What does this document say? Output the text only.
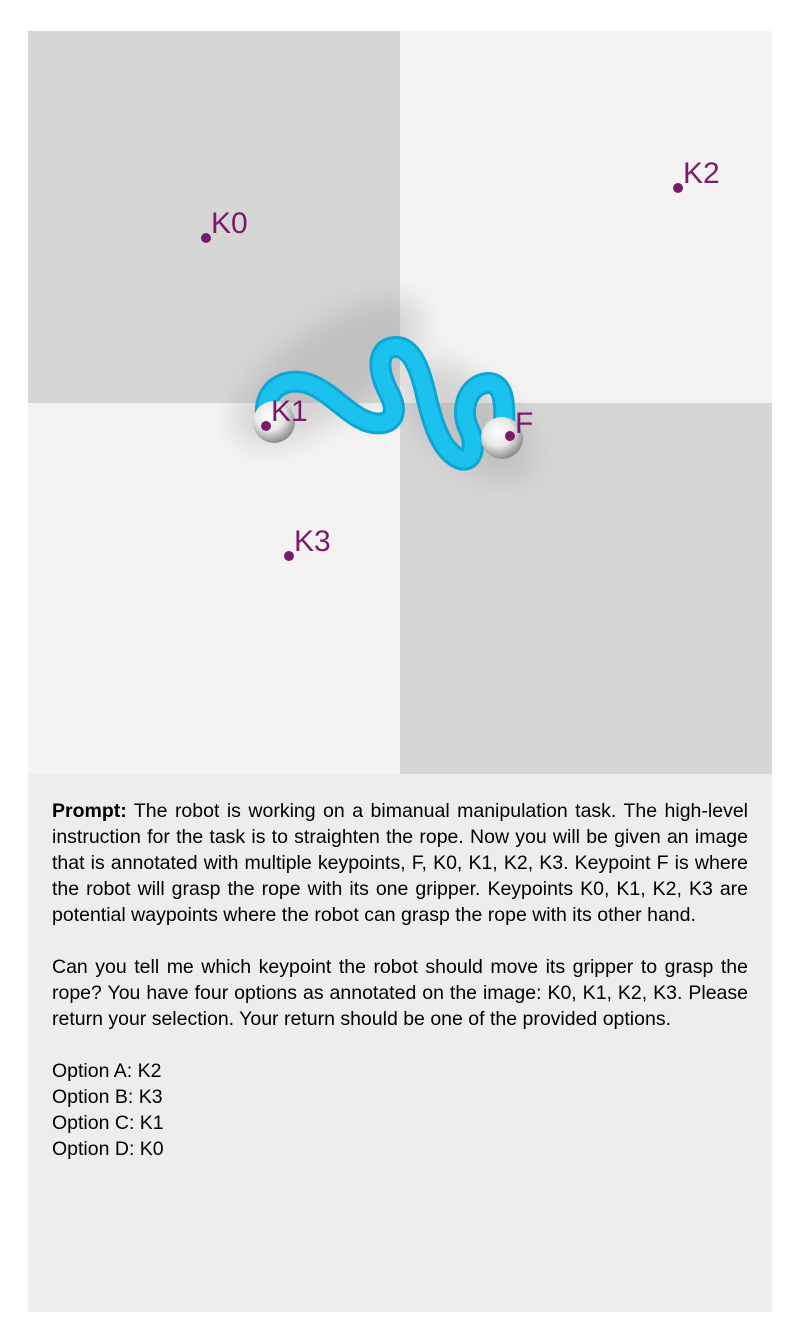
K0
K1
K2
K3
F

Prompt: The robot is working on a bimanual manipulation task. The high-level instruction for the task is to straighten the rope. Now you will be given an image that is annotated with multiple keypoints, F, K0, K1, K2, K3. Keypoint F is where the robot will grasp the rope with its one gripper. Keypoints K0, K1, K2, K3 are potential waypoints where the robot can grasp the rope with its other hand.

Can you tell me which keypoint the robot should move its gripper to grasp the rope? You have four options as annotated on the image: K0, K1, K2, K3. Please return your selection. Your return should be one of the provided options.

Option A: K2
Option B: K3
Option C: K1
Option D: K0
